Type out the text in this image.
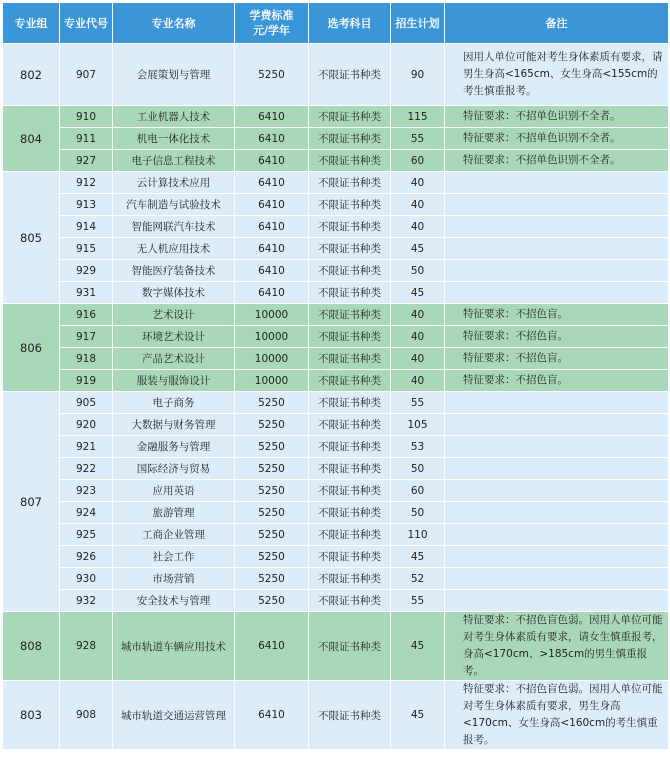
专业组	专业代号	专业名称	学费标准元/学年	选考科目	招生计划	备注
802	907	会展策划与管理	5250	不限证书种类	90	因用人单位可能对考生身体素质有要求，请男生身高<165cm、女生身高<155cm的考生慎重报考。
804	910	工业机器人技术	6410	不限证书种类	115	特征要求：不招单色识别不全者。
	911	机电一体化技术	6410	不限证书种类	55	特征要求：不招单色识别不全者。
	927	电子信息工程技术	6410	不限证书种类	60	特征要求：不招单色识别不全者。
805	912	云计算技术应用	6410	不限证书种类	40	
	913	汽车制造与试验技术	6410	不限证书种类	40	
	914	智能网联汽车技术	6410	不限证书种类	40	
	915	无人机应用技术	6410	不限证书种类	45	
	929	智能医疗装备技术	6410	不限证书种类	50	
	931	数字媒体技术	6410	不限证书种类	45	
806	916	艺术设计	10000	不限证书种类	40	特征要求：不招色盲。
	917	环境艺术设计	10000	不限证书种类	40	特征要求：不招色盲。
	918	产品艺术设计	10000	不限证书种类	40	特征要求：不招色盲。
	919	服装与服饰设计	10000	不限证书种类	40	特征要求：不招色盲。
807	905	电子商务	5250	不限证书种类	55	
	920	大数据与财务管理	5250	不限证书种类	105	
	921	金融服务与管理	5250	不限证书种类	53	
	922	国际经济与贸易	5250	不限证书种类	50	
	923	应用英语	5250	不限证书种类	60	
	924	旅游管理	5250	不限证书种类	50	
	925	工商企业管理	5250	不限证书种类	110	
	926	社会工作	5250	不限证书种类	45	
	930	市场营销	5250	不限证书种类	52	
	932	安全技术与管理	5250	不限证书种类	55	
808	928	城市轨道车辆应用技术	6410	不限证书种类	45	特征要求：不招色盲色弱。因用人单位可能对考生身体素质有要求，请女生慎重报考，身高<170cm、>185cm的男生慎重报考。
803	908	城市轨道交通运营管理	6410	不限证书种类	45	特征要求：不招色盲色弱。因用人单位可能对考生身体素质有要求，男生身高<170cm、女生身高<160cm的考生慎重报考。
